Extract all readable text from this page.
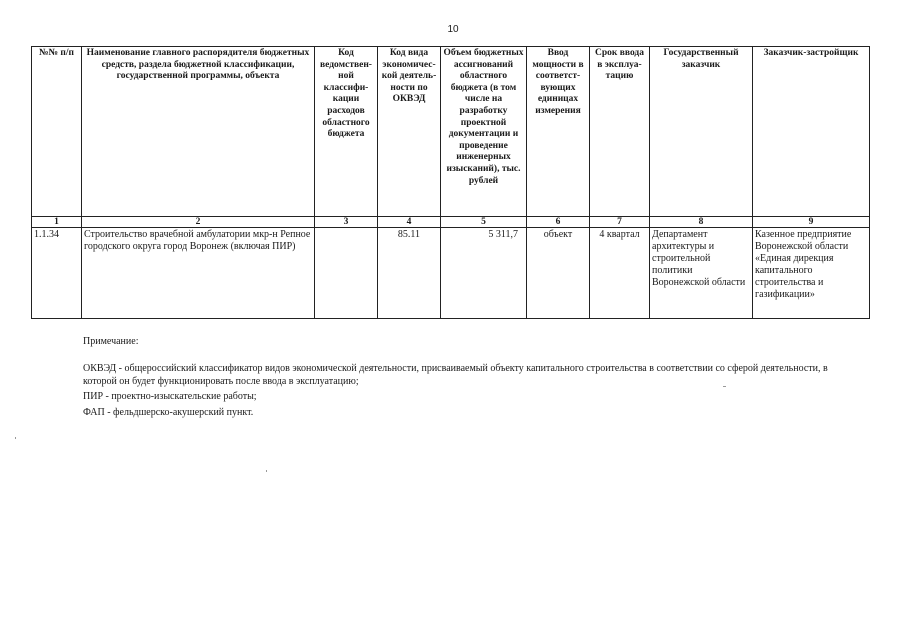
10
№№ п/п	Наименование главного распорядителя бюджетных средств, раздела бюджетной классификации, государственной программы, объекта	Код ведомствен-ной классифи-кации расходов областного бюджета	Код вида экономичес-кой деятель-ности по ОКВЭД	Объем бюджетных ассигнований областного бюджета (в том числе на разработку проектной документации и проведение инженерных изысканий), тыс. рублей	Ввод мощности в соответст-вующих единицах измерения	Срок ввода в эксплуа-тацию	Государственный заказчик	Заказчик-застройщик
1	2	3	4	5	6	7	8	9
1.1.34	Строительство врачебной амбулатории мкр-н Репное городского округа город Воронеж (включая ПИР)		85.11	5 311,7	объект	4 квартал	Департамент архитектуры и строительной политики Воронежской области	Казенное предприятие Воронежской области «Единая дирекция капитального строительства и газификации»

Примечание:

ОКВЭД - общероссийский классификатор видов экономической деятельности, присваиваемый объекту капитального строительства в соответствии со сферой деятельности, в которой он будет функционировать после ввода в эксплуатацию;

ПИР - проектно-изыскательские работы;

ФАП - фельдшерско-акушерский пункт.
